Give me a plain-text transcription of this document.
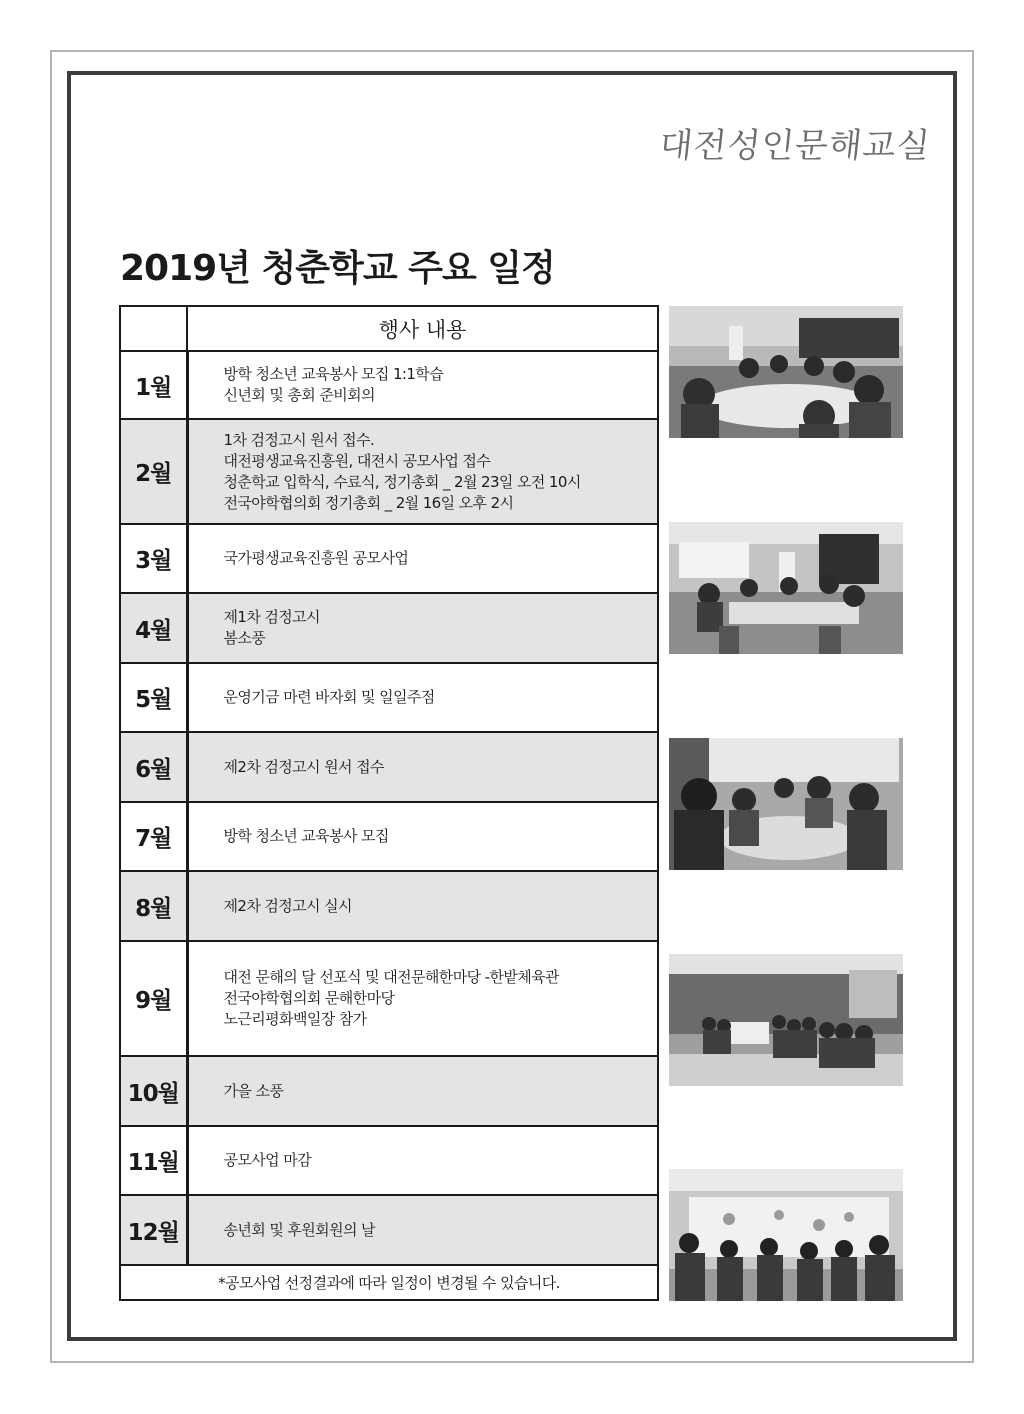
대전성인문해교실
2019년 청춘학교 주요 일정
	행사 내용
1월	방학 청소년 교육봉사 모집 1:1학습
신년회 및 총회 준비회의

2월	1차 검정고시 원서 접수.
대전평생교육진흥원, 대전시 공모사업 접수
청춘학교 입학식, 수료식, 정기총회 _ 2월 23일 오전 10시
전국야학협의회 정기총회 _ 2월 16일 오후 2시

3월	국가평생교육진흥원 공모사업

4월	제1차 검정고시
봄소풍

5월	운영기금 마련 바자회 및 일일주점

6월	제2차 검정고시 원서 접수

7월	방학 청소년 교육봉사 모집

8월	제2차 검정고시 실시

9월	대전 문해의 달 선포식 및 대전문해한마당 -한밭체육관
전국야학협의회 문해한마당
노근리평화백일장 참가

10월	가을 소풍

11월	공모사업 마감

12월	송년회 및 후원회원의 날

*공모사업 선정결과에 따라 일정이 변경될 수 있습니다.	
